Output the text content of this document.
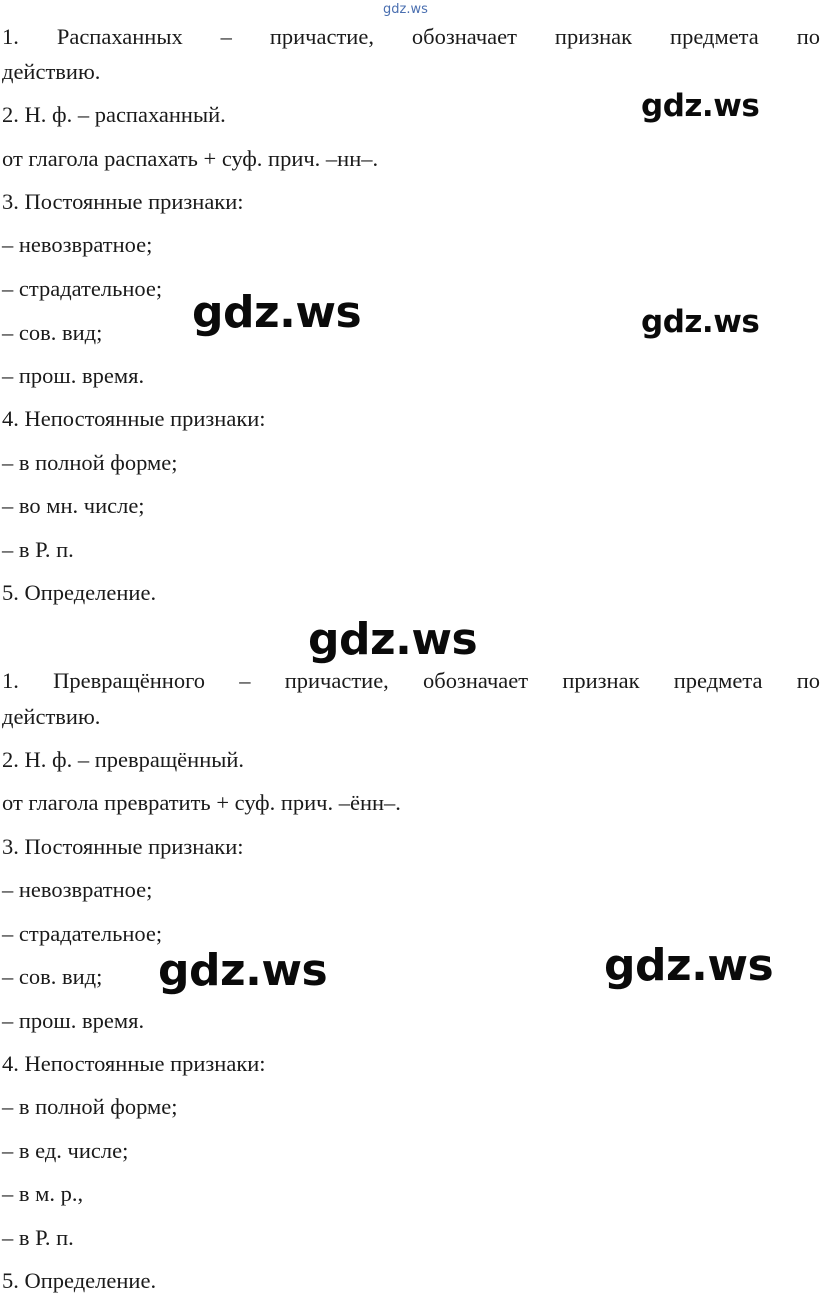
gdz.ws
1. Распаханных – причастие, обозначает признак предмета по
действию.
2. Н. ф. – распаханный.
от глагола распахать + суф. прич. –нн–.
3. Постоянные признаки:
– невозвратное;
– страдательное;
– сов. вид;
– прош. время.
4. Непостоянные признаки:
– в полной форме;
– во мн. числе;
– в Р. п.
5. Определение.
1. Превращённого – причастие, обозначает признак предмета по
действию.
2. Н. ф. – превращённый.
от глагола превратить + суф. прич. –ённ–.
3. Постоянные признаки:
– невозвратное;
– страдательное;
– сов. вид;
– прош. время.
4. Непостоянные признаки:
– в полной форме;
– в ед. числе;
– в м. р.,
– в Р. п.
5. Определение.
gdz.ws
gdz.ws	gdz.ws
gdz.ws
gdz.ws	gdz.ws
